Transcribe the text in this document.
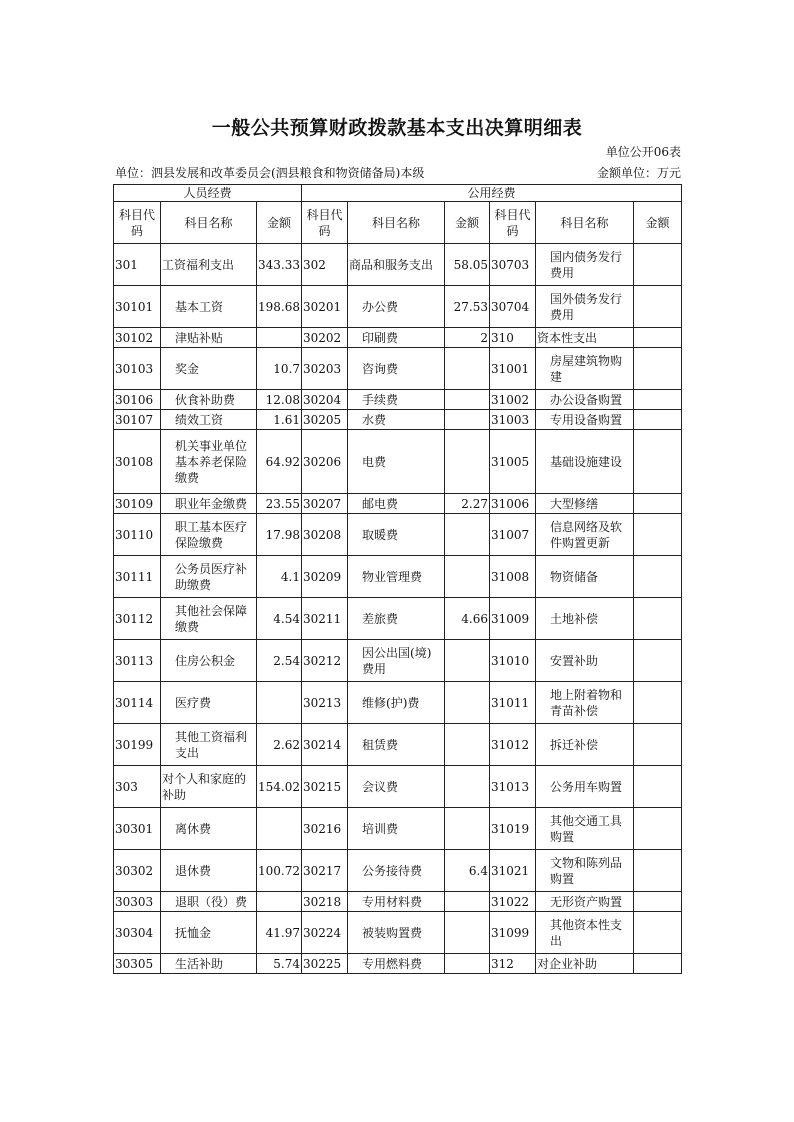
一般公共预算财政拨款基本支出决算明细表
单位公开06表
单位：泗县发展和改革委员会(泗县粮食和物资储备局)本级	金额单位：万元
人员经费			公用经费					
科目代码	科目名称	金额	科目代码	科目名称	金额	科目代码	科目名称	金额
301	工资福利支出	343.33	302	商品和服务支出	58.05	30703	国内债务发行费用	
30101	基本工资	198.68	30201	办公费	27.53	30704	国外债务发行费用	
30102	津贴补贴		30202	印刷费	2	310	资本性支出	
30103	奖金	10.7	30203	咨询费		31001	房屋建筑物购建	
30106	伙食补助费	12.08	30204	手续费		31002	办公设备购置	
30107	绩效工资	1.61	30205	水费		31003	专用设备购置	
30108	机关事业单位基本养老保险缴费	64.92	30206	电费		31005	基础设施建设	
30109	职业年金缴费	23.55	30207	邮电费	2.27	31006	大型修缮	
30110	职工基本医疗保险缴费	17.98	30208	取暖费		31007	信息网络及软件购置更新	
30111	公务员医疗补助缴费	4.1	30209	物业管理费		31008	物资储备	
30112	其他社会保障缴费	4.54	30211	差旅费	4.66	31009	土地补偿	
30113	住房公积金	2.54	30212	因公出国(境)费用		31010	安置补助	
30114	医疗费		30213	维修(护)费		31011	地上附着物和青苗补偿	
30199	其他工资福利支出	2.62	30214	租赁费		31012	拆迁补偿	
303	对个人和家庭的补助	154.02	30215	会议费		31013	公务用车购置	
30301	离休费		30216	培训费		31019	其他交通工具购置	
30302	退休费	100.72	30217	公务接待费	6.4	31021	文物和陈列品购置	
30303	退职（役）费		30218	专用材料费		31022	无形资产购置	
30304	抚恤金	41.97	30224	被装购置费		31099	其他资本性支出	
30305	生活补助	5.74	30225	专用燃料费		312	对企业补助	
